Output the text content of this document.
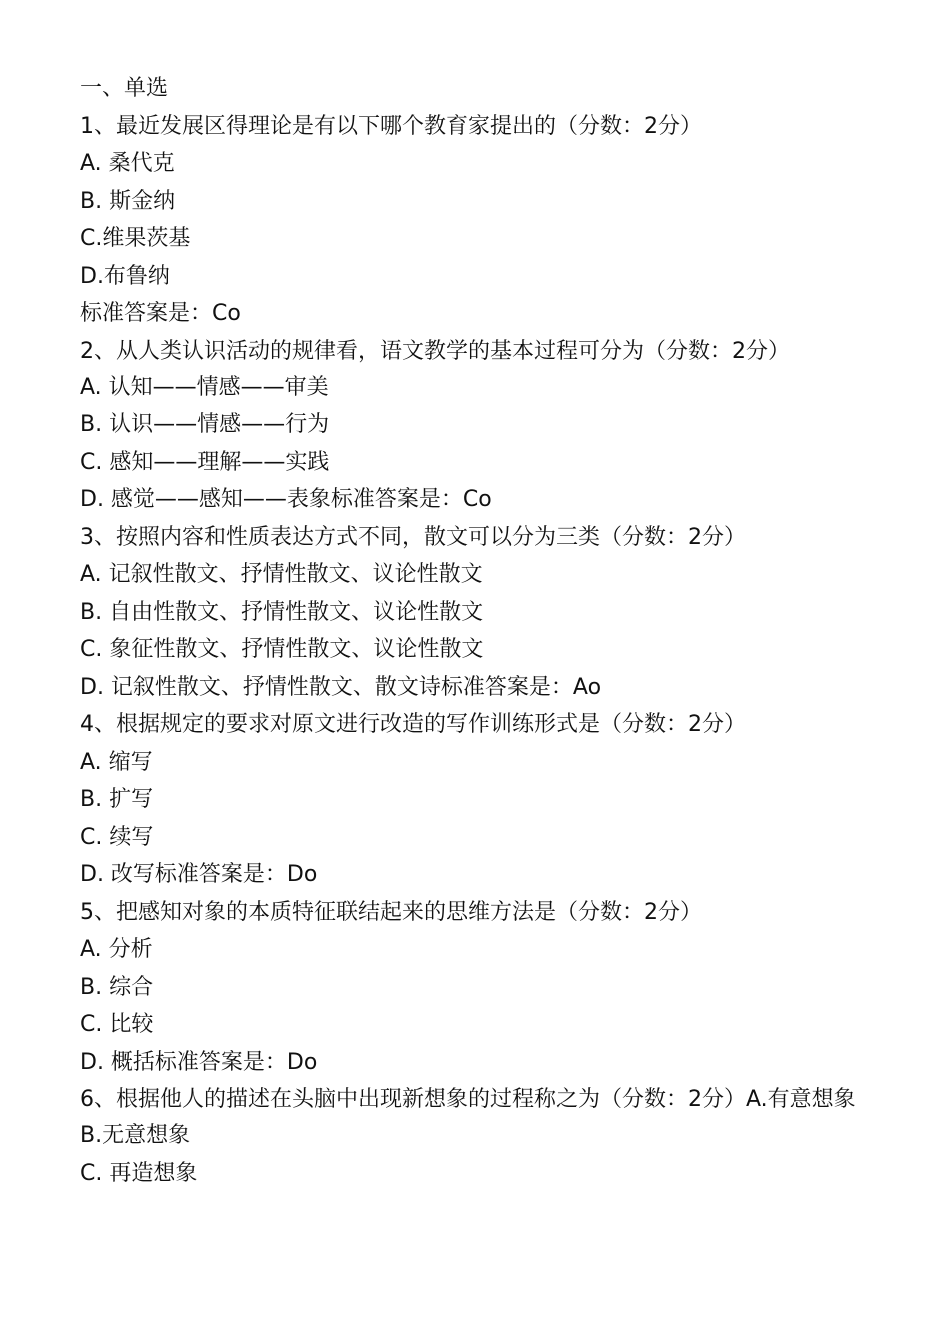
一、单选
1、最近发展区得理论是有以下哪个教育家提出的（分数：2分）
A. 桑代克
B. 斯金纳
C.维果茨基
D.布鲁纳
标准答案是：Co
2、从人类认识活动的规律看，语文教学的基本过程可分为（分数：2分）
A. 认知——情感——审美
B. 认识——情感——行为
C. 感知——理解——实践
D. 感觉——感知——表象标准答案是：Co
3、按照内容和性质表达方式不同，散文可以分为三类（分数：2分）
A. 记叙性散文、抒情性散文、议论性散文
B. 自由性散文、抒情性散文、议论性散文
C. 象征性散文、抒情性散文、议论性散文
D. 记叙性散文、抒情性散文、散文诗标准答案是：Ao
4、根据规定的要求对原文进行改造的写作训练形式是（分数：2分）
A. 缩写
B. 扩写
C. 续写
D. 改写标准答案是：Do
5、把感知对象的本质特征联结起来的思维方法是（分数：2分）
A. 分析
B. 综合
C. 比较
D. 概括标准答案是：Do
6、根据他人的描述在头脑中出现新想象的过程称之为（分数：2分）A.有意想象
B.无意想象
C. 再造想象
